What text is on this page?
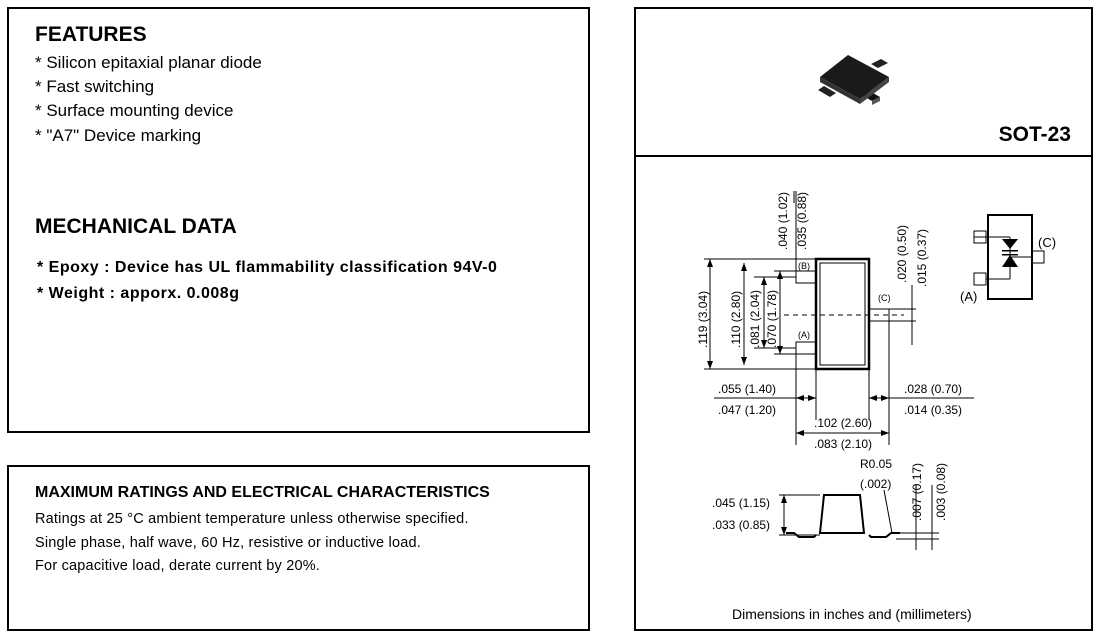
FEATURES
* Silicon epitaxial planar diode
* Fast switching
* Surface mounting device
* "A7" Device marking
MECHANICAL DATA
* Epoxy : Device has UL flammability classification 94V-0
* Weight : apporx. 0.008g
MAXIMUM RATINGS AND ELECTRICAL CHARACTERISTICS
Ratings at 25 °C ambient temperature unless otherwise specified.
Single phase, half wave, 60 Hz, resistive or inductive load.
For capacitive load, derate current by 20%.
SOT-23
.040 (1.02) .035 (0.88)
.119 (3.04) .110 (2.80) .081 (2.04) .070 (1.78)
.020 (0.50) .015 (0.37)
.007 (0.17) .003 (0.08)
.055 (1.40)
.047 (1.20)
.028 (0.70)
.014 (0.35)
.102 (2.60)
.083 (2.10)
R0.05
(.002)
.045 (1.15)
.033 (0.85)
(B)
(A)
(C)	(A)
(C)
Dimensions in inches and (millimeters)
